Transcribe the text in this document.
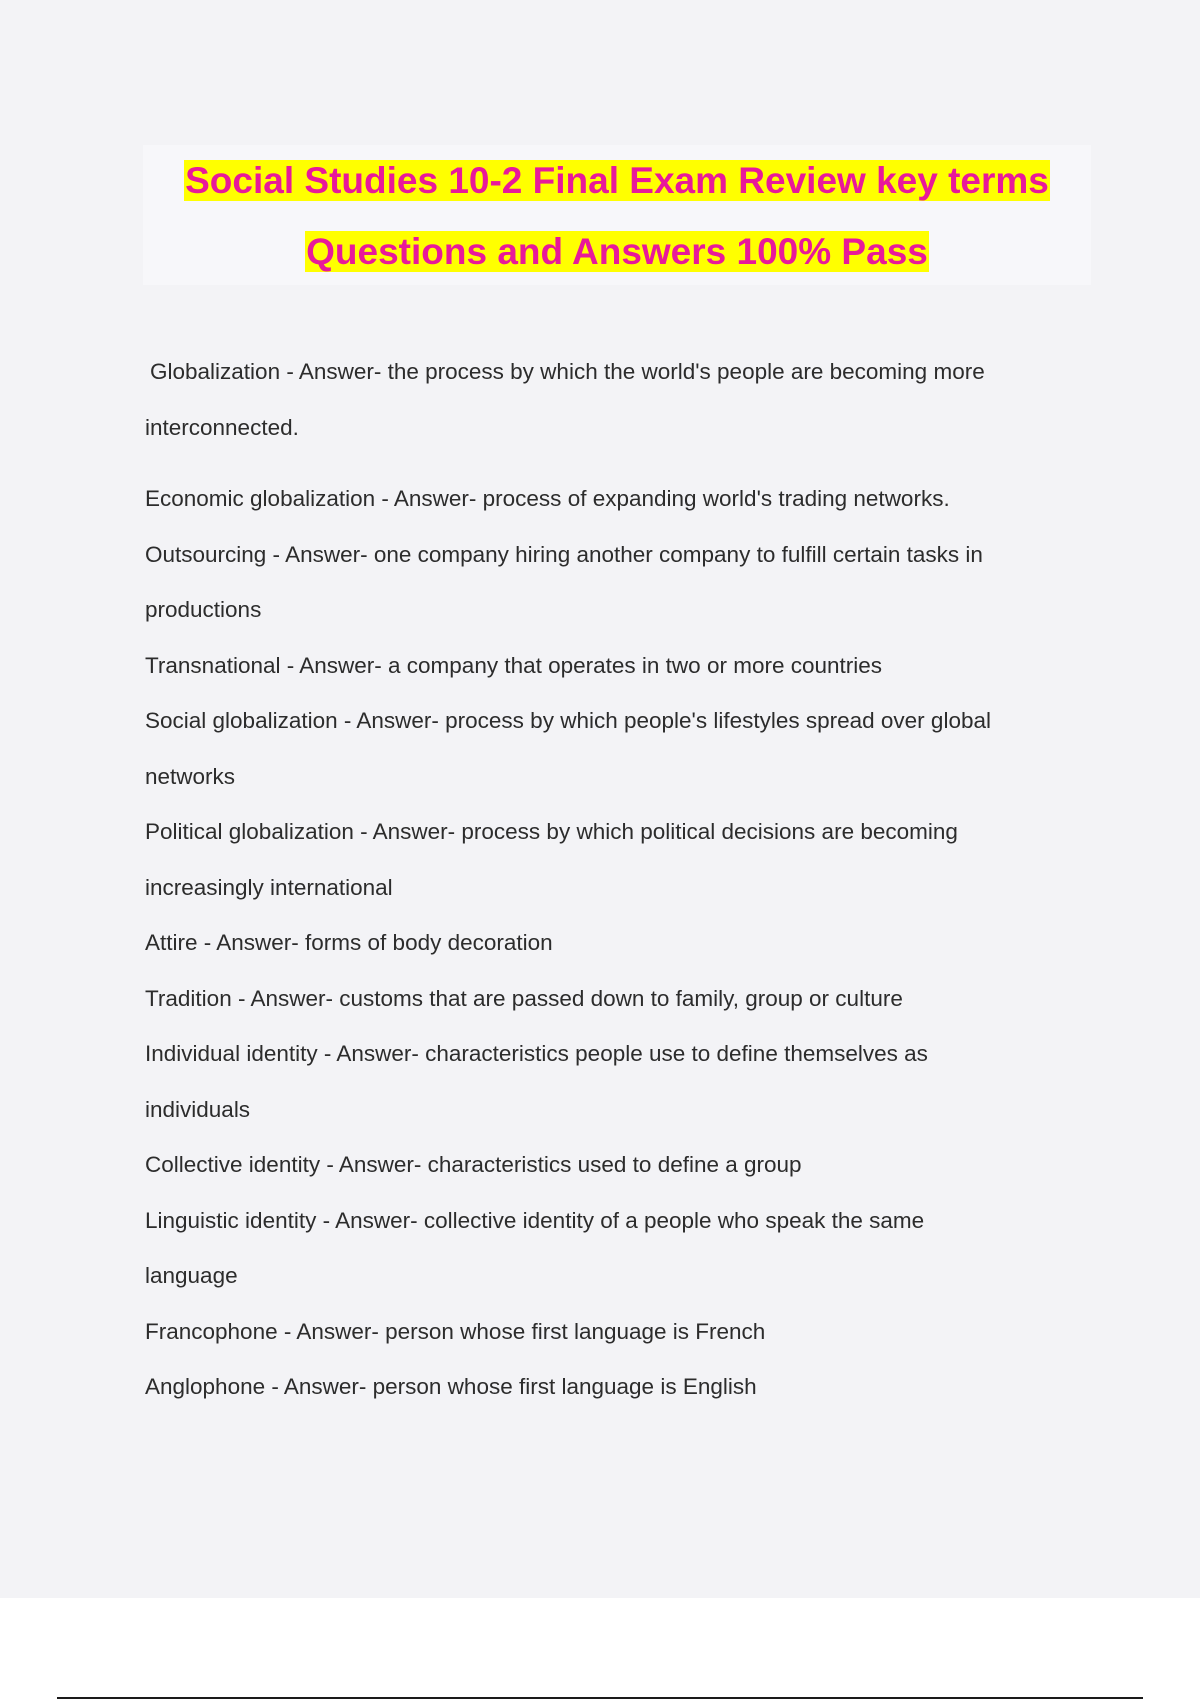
Social Studies 10-2 Final Exam Review key terms
Questions and Answers 100% Pass
Globalization - Answer- the process by which the world's people are becoming more
interconnected.
Economic globalization - Answer- process of expanding world's trading networks.
Outsourcing - Answer- one company hiring another company to fulfill certain tasks in
productions
Transnational - Answer- a company that operates in two or more countries
Social globalization - Answer- process by which people's lifestyles spread over global
networks
Political globalization - Answer- process by which political decisions are becoming
increasingly international
Attire - Answer- forms of body decoration
Tradition - Answer- customs that are passed down to family, group or culture
Individual identity - Answer- characteristics people use to define themselves as
individuals
Collective identity - Answer- characteristics used to define a group
Linguistic identity - Answer- collective identity of a people who speak the same
language
Francophone - Answer- person whose first language is French
Anglophone - Answer- person whose first language is English
